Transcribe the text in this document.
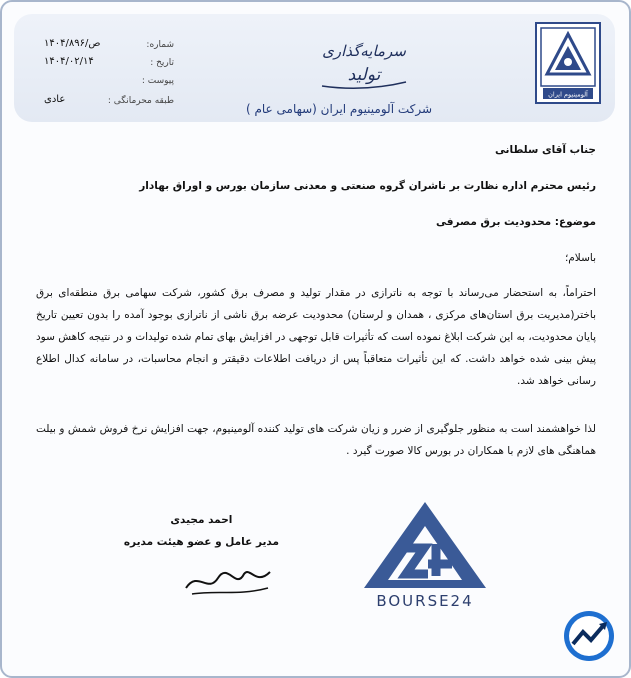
آلومینیوم ایران
سرمایه‌گذاری
تولید
شرکت آلومینیوم ایران (سهامی عام )
شماره:
ص/۱۴۰۴/۸۹۶
تاریخ :
۱۴۰۴/۰۲/۱۴
پیوست :
طبقه محرمانگی :
عادی
جناب آقای سلطانی
رئیس محترم اداره نظارت بر ناشران گروه صنعتی و معدنی سازمان بورس و اوراق بهادار
موضوع: محدودیت برق مصرفی
باسلام؛
احتراماً، به استحضار می‌رساند با توجه به ناترازی در مقدار تولید و مصرف برق کشور، شرکت سهامی برق منطقه‌ای برق باختر(مدیریت برق استان‌های مرکزی ، همدان و لرستان) محدودیت عرضه برق ناشی از ناترازی بوجود آمده را بدون تعیین تاریخ پایان محدودیت، به این شرکت ابلاغ نموده است که تأثیرات قابل توجهی در افزایش بهای تمام شده تولیدات و در نتیجه کاهش سود پیش بینی شده خواهد داشت. که این تأثیرات متعاقباً پس از دریافت اطلاعات دقیقتر و انجام محاسبات، در سامانه کدال اطلاع رسانی خواهد شد.
لذا خواهشمند است به منظور جلوگیری از ضرر و زیان شرکت های تولید کننده آلومینیوم، جهت افزایش نرخ فروش شمش و بیلت هماهنگی های لازم با همکاران در بورس کالا صورت گیرد .
احمد مجیدی
مدیر عامل و عضو هیئت مدیره
BOURSE24
